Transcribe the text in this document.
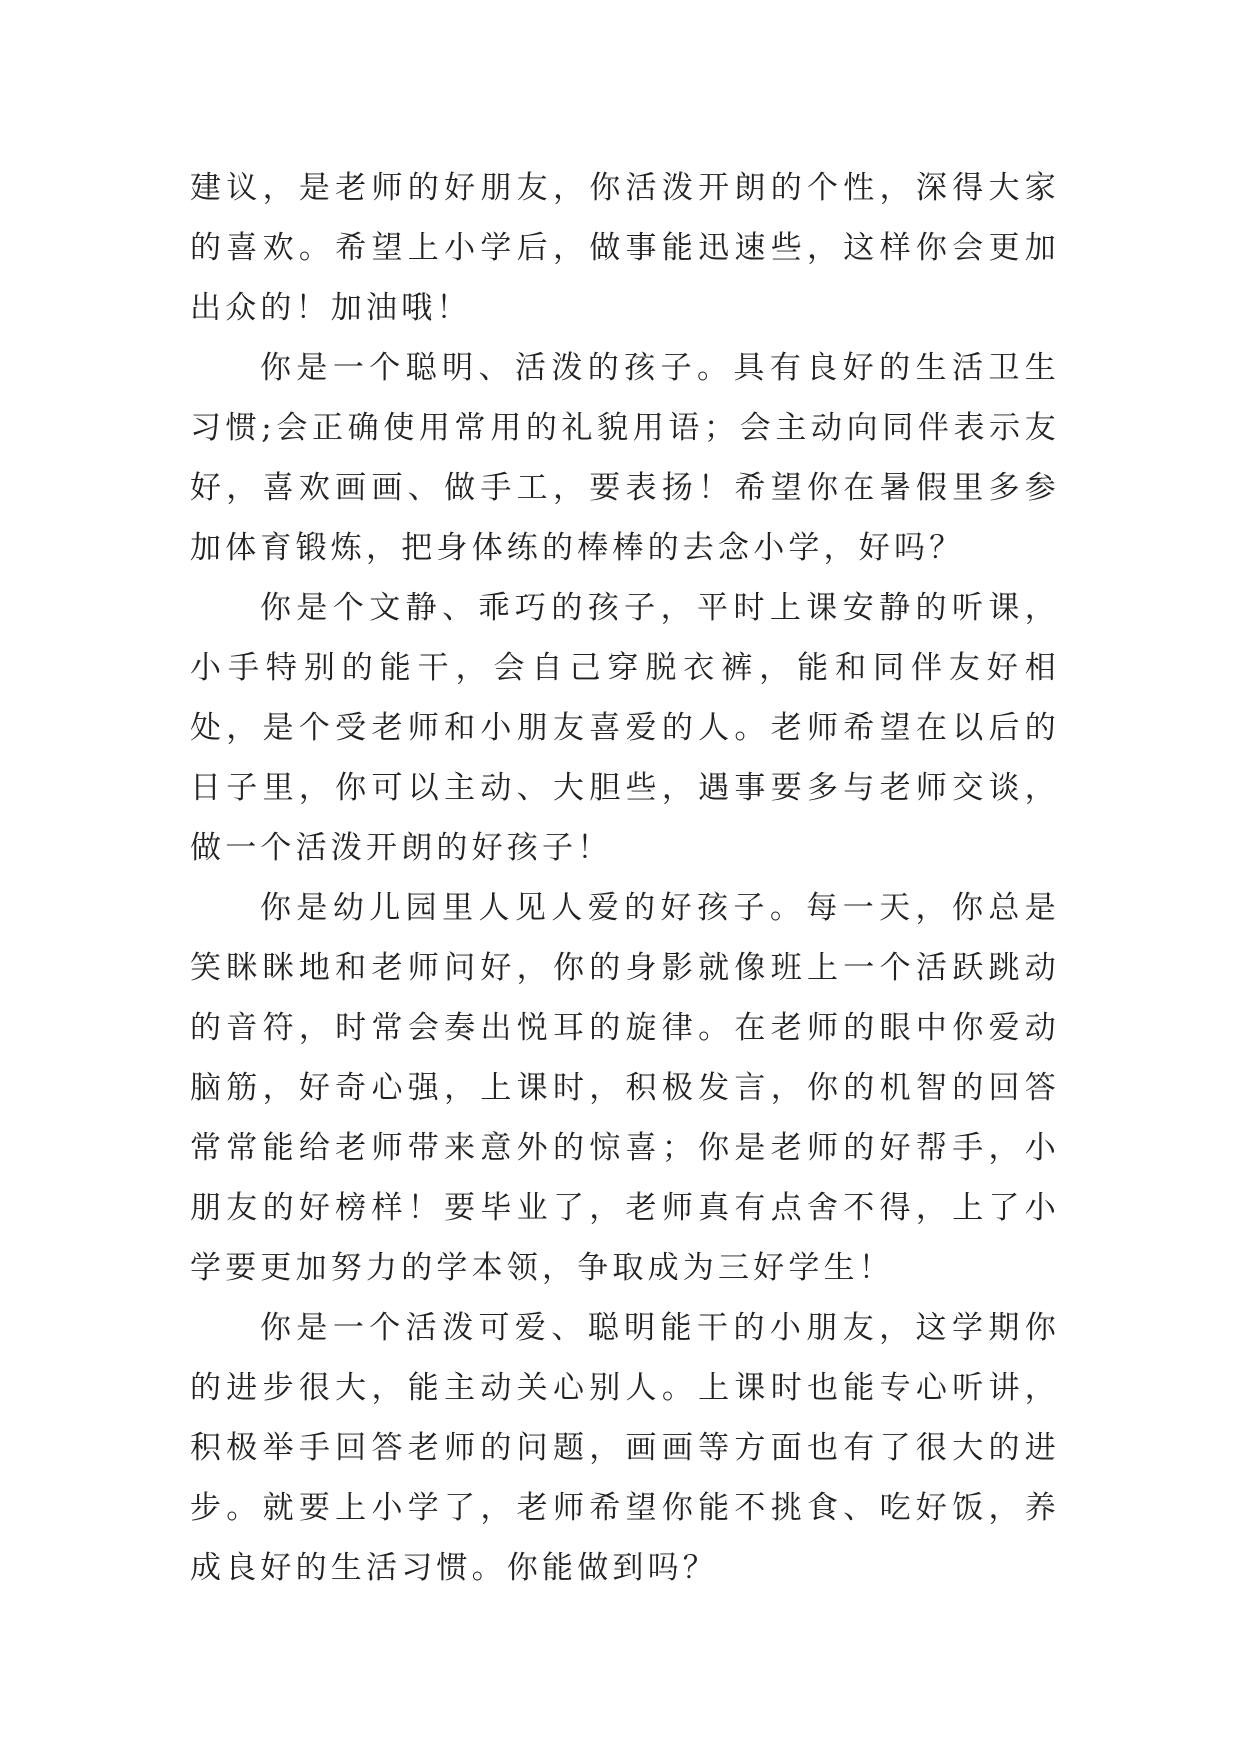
建议，是老师的好朋友，你活泼开朗的个性，深得大家的喜欢。希望上小学后，做事能迅速些，这样你会更加出众的！加油哦！

你是一个聪明、活泼的孩子。具有良好的生活卫生习惯;会正确使用常用的礼貌用语；会主动向同伴表示友好，喜欢画画、做手工，要表扬！希望你在暑假里多参加体育锻炼，把身体练的棒棒的去念小学，好吗？

你是个文静、乖巧的孩子，平时上课安静的听课，小手特别的能干，会自己穿脱衣裤，能和同伴友好相处，是个受老师和小朋友喜爱的人。老师希望在以后的日子里，你可以主动、大胆些，遇事要多与老师交谈，做一个活泼开朗的好孩子！

你是幼儿园里人见人爱的好孩子。每一天，你总是笑眯眯地和老师问好，你的身影就像班上一个活跃跳动的音符，时常会奏出悦耳的旋律。在老师的眼中你爱动脑筋，好奇心强，上课时，积极发言，你的机智的回答常常能给老师带来意外的惊喜；你是老师的好帮手，小朋友的好榜样！要毕业了，老师真有点舍不得，上了小学要更加努力的学本领，争取成为三好学生！

你是一个活泼可爱、聪明能干的小朋友，这学期你的进步很大，能主动关心别人。上课时也能专心听讲，积极举手回答老师的问题，画画等方面也有了很大的进步。就要上小学了，老师希望你能不挑食、吃好饭，养成良好的生活习惯。你能做到吗？
